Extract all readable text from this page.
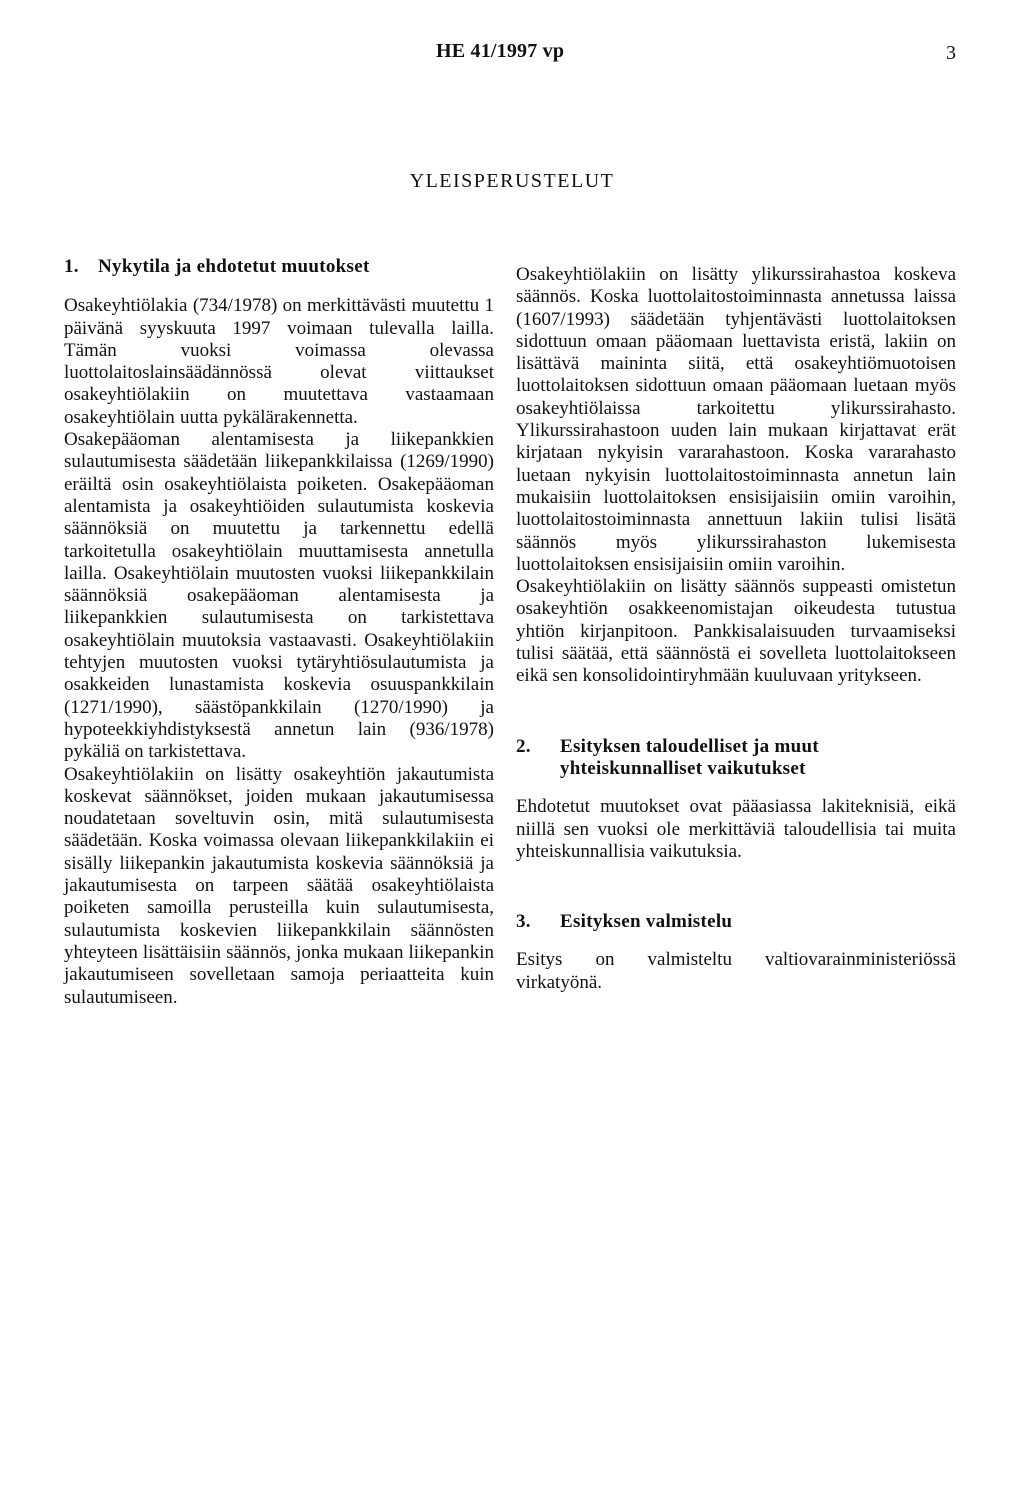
HE 41/1997 vp	3
YLEISPERUSTELUT
1.	Nykytila ja ehdotetut muutokset

Osakeyhtiölakia (734/1978) on merkittävästi muutettu 1 päivänä syyskuuta 1997 voimaan tulevalla lailla. Tämän vuoksi voimassa olevassa luottolaitoslainsäädännössä olevat viittaukset osakeyhtiölakiin on muutettava vastaamaan osakeyhtiölain uutta pykälärakennetta.

Osakepääoman alentamisesta ja liikepankkien sulautumisesta säädetään liikepankkilaissa (1269/1990) eräiltä osin osakeyhtiölaista poiketen. Osakepääoman alentamista ja osakeyhtiöiden sulautumista koskevia säännöksiä on muutettu ja tarkennettu edellä tarkoitetulla osakeyhtiölain muuttamisesta annetulla lailla. Osakeyhtiölain muutosten vuoksi liikepankkilain säännöksiä osakepääoman alentamisesta ja liikepankkien sulautumisesta on tarkistettava osakeyhtiölain muutoksia vastaavasti. Osakeyhtiölakiin tehtyjen muutosten vuoksi tytäryhtiösulautumista ja osakkeiden lunastamista koskevia osuuspankkilain (1271/1990), säästöpankkilain (1270/1990) ja hypoteekkiyhdistyksestä annetun lain (936/1978) pykäliä on tarkistettava.

Osakeyhtiölakiin on lisätty osakeyhtiön jakautumista koskevat säännökset, joiden mukaan jakautumisessa noudatetaan soveltuvin osin, mitä sulautumisesta säädetään. Koska voimassa olevaan liikepankkilakiin ei sisälly liikepankin jakautumista koskevia säännöksiä ja jakautumisesta on tarpeen säätää osakeyhtiölaista poiketen samoilla perusteilla kuin sulautumisesta, sulautumista koskevien liikepankkilain säännösten yhteyteen lisättäisiin säännös, jonka mukaan liikepankin jakautumiseen sovelletaan samoja periaatteita kuin sulautumiseen.

Osakeyhtiölakiin on lisätty ylikurssirahastoa koskeva säännös. Koska luottolaitostoiminnasta annetussa laissa (1607/1993) säädetään tyhjentävästi luottolaitoksen sidottuun omaan pääomaan luettavista eristä, lakiin on lisättävä maininta siitä, että osakeyhtiömuotoisen luottolaitoksen sidottuun omaan pääomaan luetaan myös osakeyhtiölaissa tarkoitettu ylikurssirahasto. Ylikurssirahastoon uuden lain mukaan kirjattavat erät kirjataan nykyisin vararahastoon. Koska vararahasto luetaan nykyisin luottolaitostoiminnasta annetun lain mukaisiin luottolaitoksen ensisijaisiin omiin varoihin, luottolaitostoiminnasta annettuun lakiin tulisi lisätä säännös myös ylikurssirahaston lukemisesta luottolaitoksen ensisijaisiin omiin varoihin.

Osakeyhtiölakiin on lisätty säännös suppeasti omistetun osakeyhtiön osakkeenomistajan oikeudesta tutustua yhtiön kirjanpitoon. Pankkisalaisuuden turvaamiseksi tulisi säätää, että säännöstä ei sovelleta luottolaitokseen eikä sen konsolidointiryhmään kuuluvaan yritykseen.

2.	Esityksen taloudelliset ja muut yhteiskunnalliset vaikutukset

Ehdotetut muutokset ovat pääasiassa lakiteknisiä, eikä niillä sen vuoksi ole merkittäviä taloudellisia tai muita yhteiskunnallisia vaikutuksia.

3.	Esityksen valmistelu

Esitys on valmisteltu valtiovarainministeriössä virkatyönä.
